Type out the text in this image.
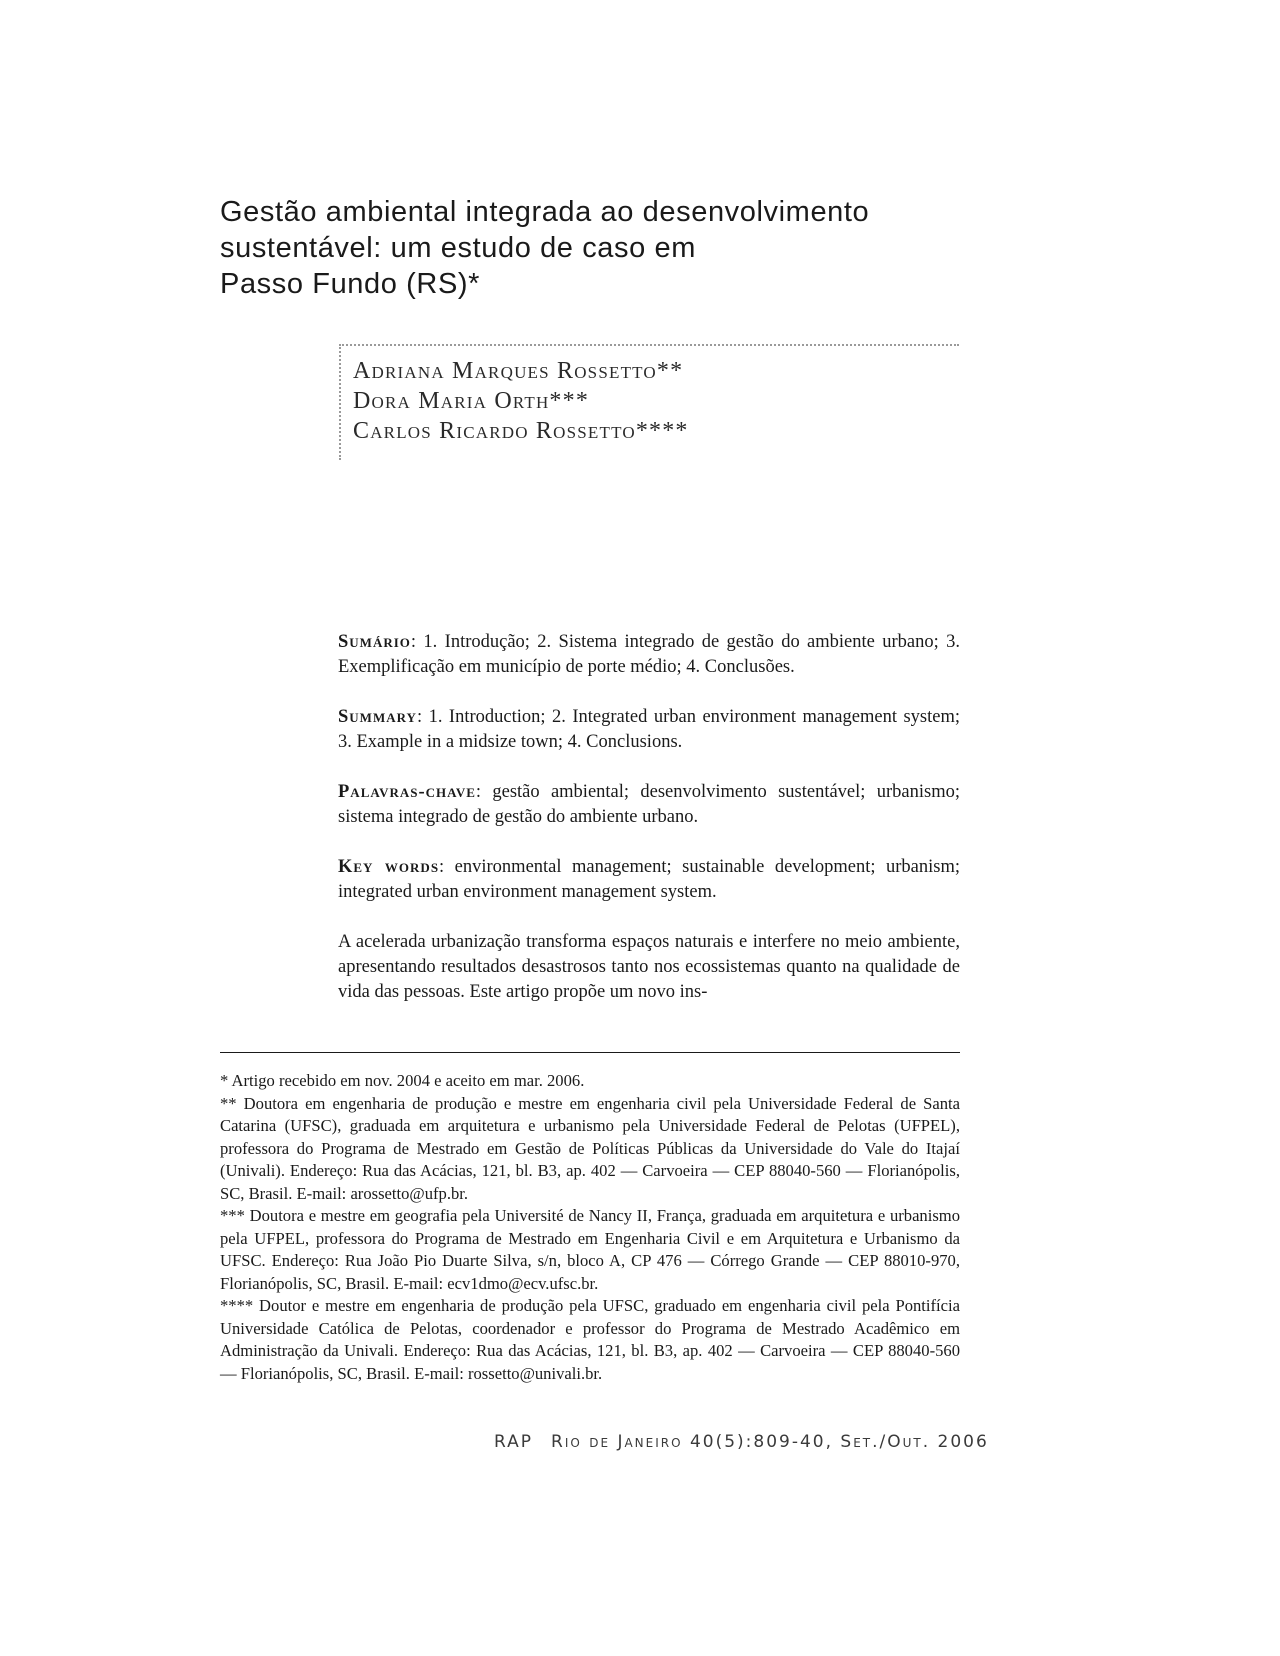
Gestão ambiental integrada ao desenvolvimento
sustentável: um estudo de caso em
Passo Fundo (RS)*
Adriana Marques Rossetto**
Dora Maria Orth***
Carlos Ricardo Rossetto****

Sumário: 1. Introdução; 2. Sistema integrado de gestão do ambiente urbano; 3. Exemplificação em município de porte médio; 4. Conclusões.

Summary: 1. Introduction; 2. Integrated urban environment management system; 3. Example in a midsize town; 4. Conclusions.

Palavras-chave: gestão ambiental; desenvolvimento sustentável; urbanismo; sistema integrado de gestão do ambiente urbano.

Key words: environmental management; sustainable development; urbanism; integrated urban environment management system.

A acelerada urbanização transforma espaços naturais e interfere no meio ambiente, apresentando resultados desastrosos tanto nos ecossistemas quanto na qualidade de vida das pessoas. Este artigo propõe um novo ins-

* Artigo recebido em nov. 2004 e aceito em mar. 2006.

** Doutora em engenharia de produção e mestre em engenharia civil pela Universidade Federal de Santa Catarina (UFSC), graduada em arquitetura e urbanismo pela Universidade Federal de Pelotas (UFPEL), professora do Programa de Mestrado em Gestão de Políticas Públicas da Universidade do Vale do Itajaí (Univali). Endereço: Rua das Acácias, 121, bl. B3, ap. 402 — Carvoeira — CEP 88040-560 — Florianópolis, SC, Brasil. E-mail: arossetto@ufp.br.

*** Doutora e mestre em geografia pela Université de Nancy II, França, graduada em arquitetura e urbanismo pela UFPEL, professora do Programa de Mestrado em Engenharia Civil e em Arquitetura e Urbanismo da UFSC. Endereço: Rua João Pio Duarte Silva, s/n, bloco A, CP 476 — Córrego Grande — CEP 88010-970, Florianópolis, SC, Brasil. E-mail: ecv1dmo@ecv.ufsc.br.

**** Doutor e mestre em engenharia de produção pela UFSC, graduado em engenharia civil pela Pontifícia Universidade Católica de Pelotas, coordenador e professor do Programa de Mestrado Acadêmico em Administração da Univali. Endereço: Rua das Acácias, 121, bl. B3, ap. 402 — Carvoeira — CEP 88040-560 — Florianópolis, SC, Brasil. E-mail: rossetto@univali.br.

RAP Rio de Janeiro 40(5):809-40, Set./Out. 2006
